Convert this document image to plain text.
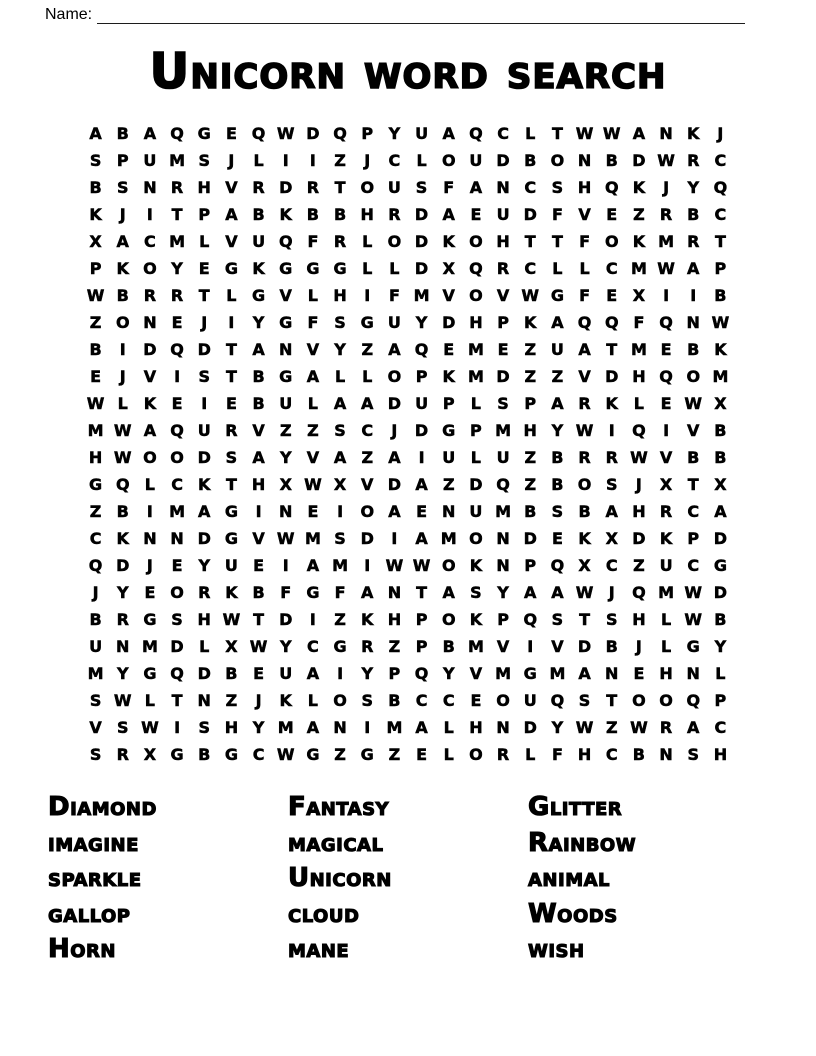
Name:
Unicorn word search
A B A Q G E Q W D Q P Y U A Q C	L	T W W A N K	J
S P U M S	J	L	I	I	Z	J	C	L O U D B O N B D W R C
B S N R H V R D R T O U S F A N C S H Q K	J	Y Q
K	J	I	T P A B K B B H R D A E U D F V E Z R B C
X A C M L V U Q F R L O D K O H T	T	F O K M R T
P K O Y E G K G G G L	L D X Q R C	L	L	C M W A P
W B R R T	L G V L H	I	F M V O V W G F	E X	I	I	B
Z O N E	J	I	Y G F S G U Y D H P K A Q Q F Q N W
B	I	D Q D T A N V Y Z A Q E M E Z U A T M E B K
E	J	V	I	S T B G A L	L O P K M D Z Z V D H Q O M
W L K E	I	E B U L A A D U P	L	S P A R K L	E W X
M W A Q U R V Z Z S C	J	D G P M H Y W I	Q	I	V B
H W O O D S A Y V A Z A	I	U L U Z B R R W V B B
G Q L	C K T H X W X V D A Z D Q Z B O S	J	X T X
Z B	I	M A G	I	N E	I	O A E N U M B S B A H R C A
C K N N D G V W M S D	I	A M O N D E K X D K P D
Q D	J	E Y U E	I	A M	I W W O K N P Q X C Z U C G
J	Y E O R K B F G F A N T A S Y A A W J	Q M W D
B R G S H W T D	I	Z K H P O K P Q S T S H L W B
U N M D L X W Y C G R Z P B M V	I	V D B	J	L G Y
M Y G Q D B E U A	I	Y P Q Y V M G M A N E H N L
S W L	T N Z	J	K L O S B C C E O U Q S T O O Q P
V S W I	S H Y M A N	I	M A L H N D Y W Z W R A C
S R X G B G C W G Z G Z E	L O R L	F H C B N S H
Diamond
imagine
sparkle
gallop
Horn
Fantasy
magical
Unicorn
cloud
mane
Glitter
Rainbow
animal
Woods
wish
